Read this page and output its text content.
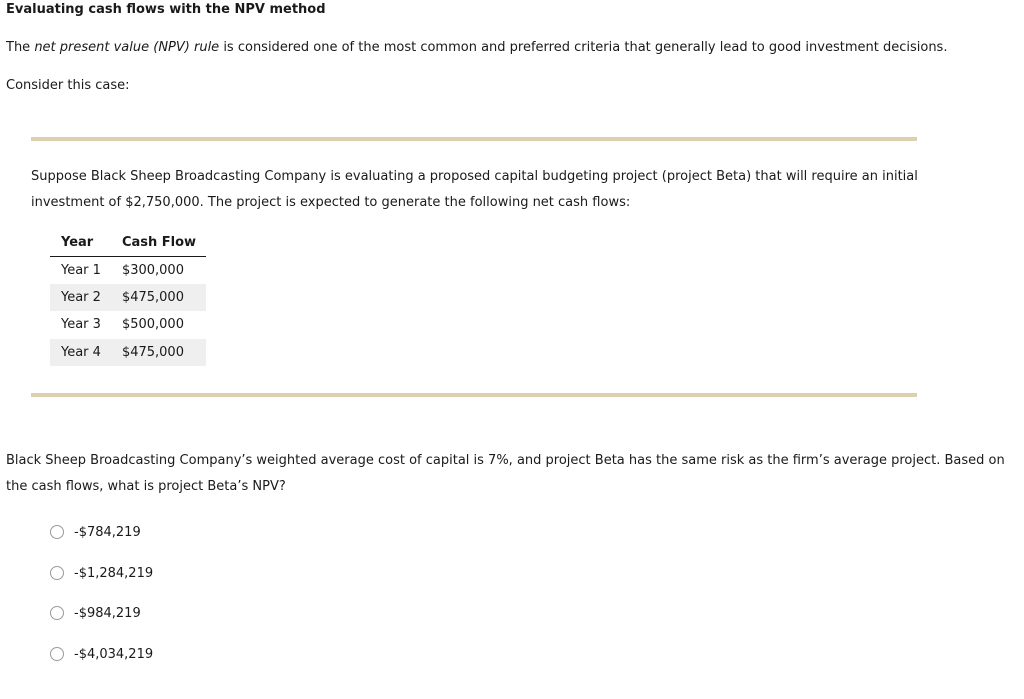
Evaluating cash flows with the NPV method
The net present value (NPV) rule is considered one of the most common and preferred criteria that generally lead to good investment decisions.
Consider this case:
Suppose Black Sheep Broadcasting Company is evaluating a proposed capital budgeting project (project Beta) that will require an initial investment of $2,750,000. The project is expected to generate the following net cash flows:
Year	Cash Flow
Year 1	$300,000
Year 2	$475,000
Year 3	$500,000
Year 4	$475,000
Black Sheep Broadcasting Company’s weighted average cost of capital is 7%, and project Beta has the same risk as the firm’s average project. Based on the cash flows, what is project Beta’s NPV?
-$784,219
-$1,284,219
-$984,219
-$4,034,219
